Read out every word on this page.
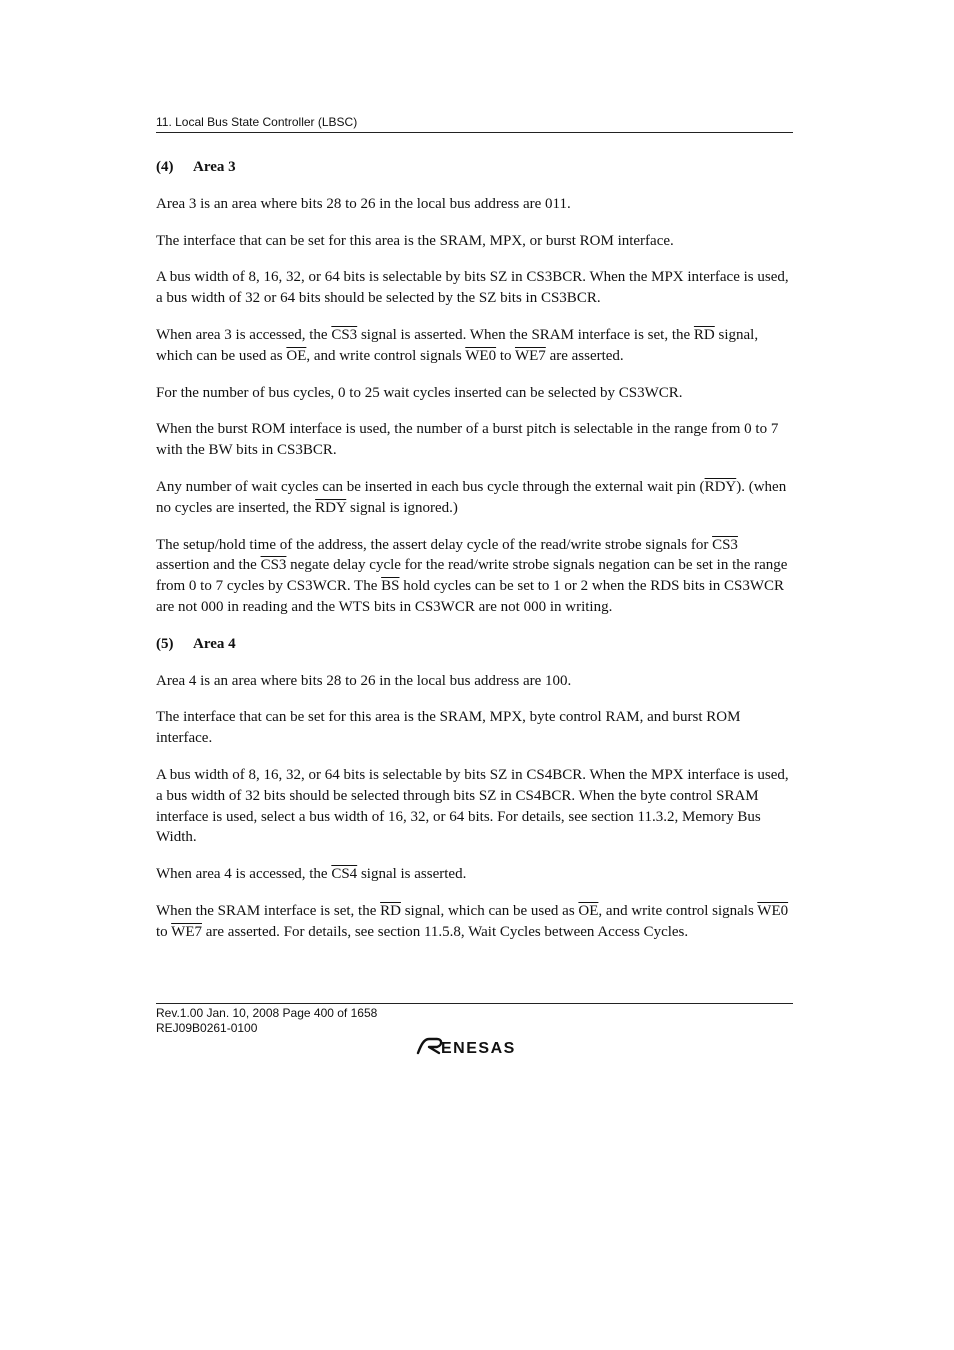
11. Local Bus State Controller (LBSC)
(4) Area 3

Area 3 is an area where bits 28 to 26 in the local bus address are 011.

The interface that can be set for this area is the SRAM, MPX, or burst ROM interface.

A bus width of 8, 16, 32, or 64 bits is selectable by bits SZ in CS3BCR. When the MPX interface is used, a bus width of 32 or 64 bits should be selected by the SZ bits in CS3BCR.

When area 3 is accessed, the CS3 signal is asserted. When the SRAM interface is set, the $\overline{RD}$ signal, which can be used as $\overline{OE}$, and write control signals WE0 to WE7 are asserted.

For the number of bus cycles, 0 to 25 wait cycles inserted can be selected by CS3WCR.

When the burst ROM interface is used, the number of a burst pitch is selectable in the range from 0 to 7 with the BW bits in CS3BCR.

Any number of wait cycles can be inserted in each bus cycle through the external wait pin $(\overline{RDY})$. (when no cycles are inserted, the $\overline{RDY}$ signal is ignored.)

The setup/hold time of the address, the assert delay cycle of the read/write strobe signals for CS3 assertion and the CS3 negate delay cycle for the read/write strobe signals negation can be set in the range from 0 to 7 cycles by CS3WCR. The $\overline{BS}$ hold cycles can be set to 1 or 2 when the RDS bits in CS3WCR are not 000 in reading and the WTS bits in CS3WCR are not 000 in writing.

(5) Area 4

Area 4 is an area where bits 28 to 26 in the local bus address are 100.

The interface that can be set for this area is the SRAM, MPX, byte control RAM, and burst ROM interface.

A bus width of 8, 16, 32, or 64 bits is selectable by bits SZ in CS4BCR. When the MPX interface is used, a bus width of 32 bits should be selected through bits SZ in CS4BCR. When the byte control SRAM interface is used, select a bus width of 16, 32, or 64 bits. For details, see section 11.3.2, Memory Bus Width.

When area 4 is accessed, the CS4 signal is asserted.

When the SRAM interface is set, the $\overline{RD}$ signal, which can be used as $\overline{OE}$, and write control signals WE0 to WE7 are asserted. For details, see section 11.5.8, Wait Cycles between Access Cycles.

Rev.1.00 Jan. 10, 2008 Page 400 of 1658
REJ09B0261-0100
ENESAS
